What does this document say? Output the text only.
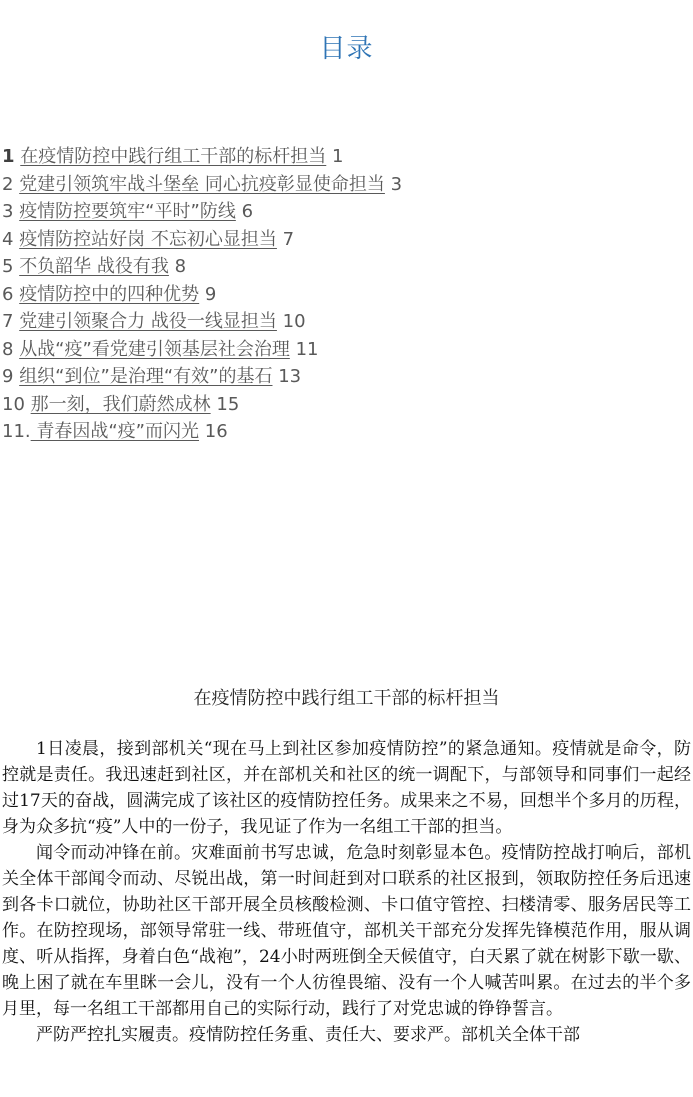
目录
1 在疫情防控中践行组工干部的标杆担当 1
2 党建引领筑牢战斗堡垒 同心抗疫彰显使命担当 3
3 疫情防控要筑牢“平时”防线 6
4 疫情防控站好岗 不忘初心显担当 7
5 不负韶华 战役有我 8
6 疫情防控中的四种优势 9
7 党建引领聚合力 战役一线显担当 10
8 从战“疫”看党建引领基层社会治理 11
9 组织“到位”是治理“有效”的基石 13
10 那一刻，我们蔚然成林 15
11. 青春因战“疫”而闪光 16
在疫情防控中践行组工干部的标杆担当

1日凌晨，接到部机关“现在马上到社区参加疫情防控”的紧急通知。疫情就是命令，防控就是责任。我迅速赶到社区，并在部机关和社区的统一调配下，与部领导和同事们一起经过17天的奋战，圆满完成了该社区的疫情防控任务。成果来之不易，回想半个多月的历程，身为众多抗“疫”人中的一份子，我见证了作为一名组工干部的担当。

闻令而动冲锋在前。灾难面前书写忠诚，危急时刻彰显本色。疫情防控战打响后，部机关全体干部闻令而动、尽锐出战，第一时间赶到对口联系的社区报到，领取防控任务后迅速到各卡口就位，协助社区干部开展全员核酸检测、卡口值守管控、扫楼清零、服务居民等工作。在防控现场，部领导常驻一线、带班值守，部机关干部充分发挥先锋模范作用，服从调度、听从指挥，身着白色“战袍”，24小时两班倒全天候值守，白天累了就在树影下歇一歇、晚上困了就在车里眯一会儿，没有一个人彷徨畏缩、没有一个人喊苦叫累。在过去的半个多月里，每一名组工干部都用自己的实际行动，践行了对党忠诚的铮铮誓言。

严防严控扎实履责。疫情防控任务重、责任大、要求严。部机关全体干部
